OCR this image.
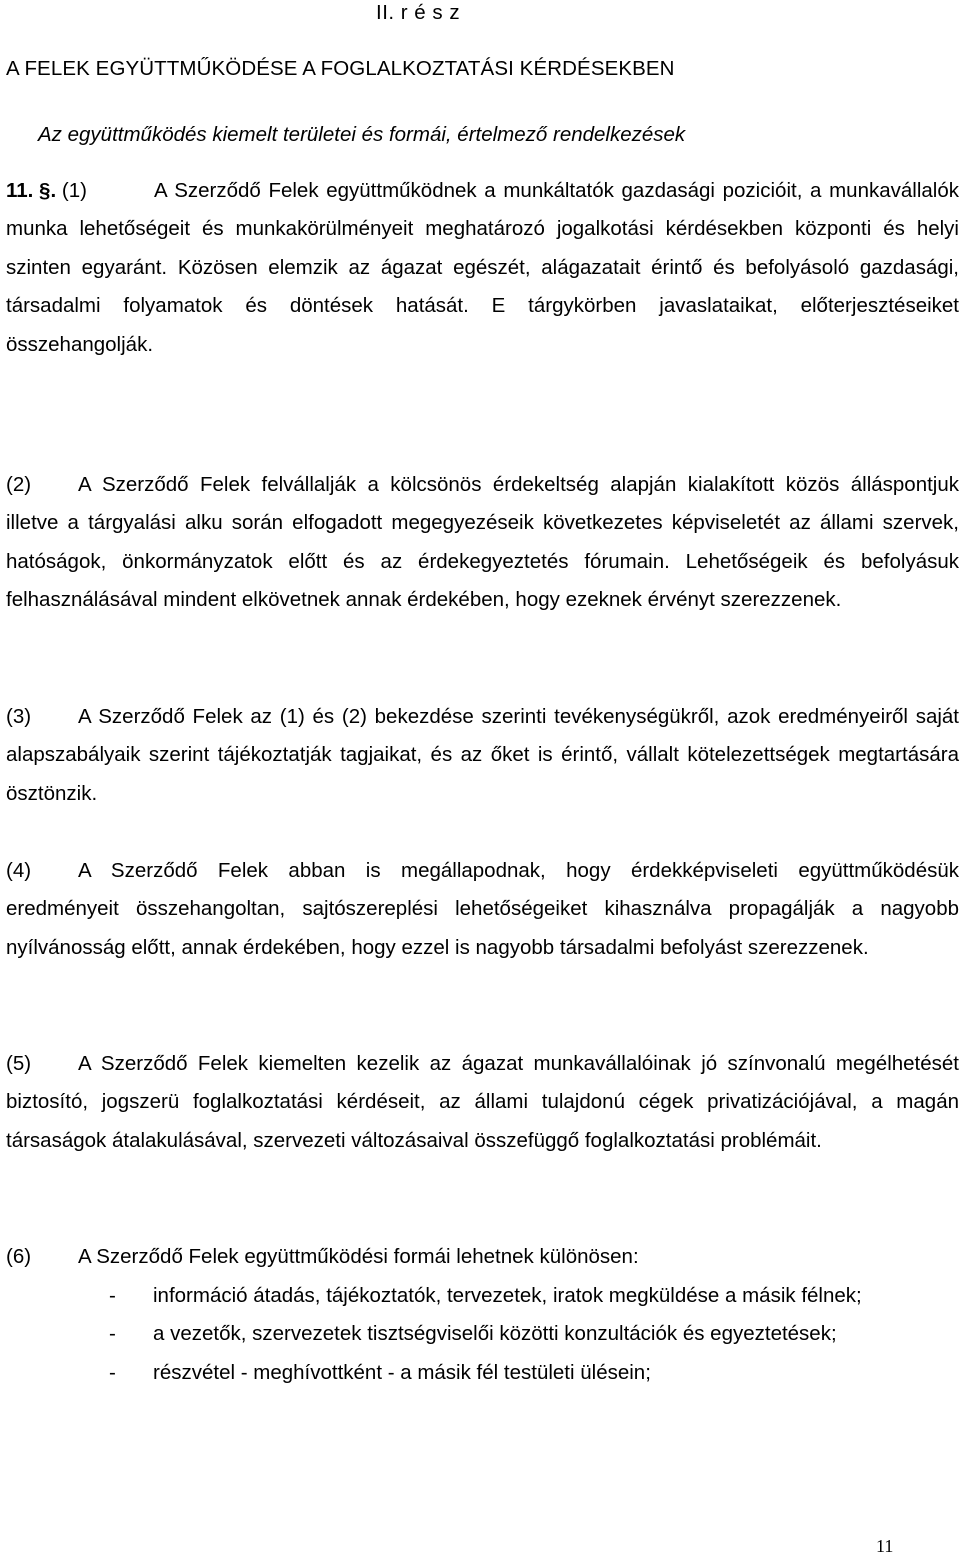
II. r é s z
A FELEK EGYÜTTMŰKÖDÉSE A FOGLALKOZTATÁSI KÉRDÉSEKBEN
Az együttműködés kiemelt területei és formái, értelmező rendelkezések
11. §. (1)	A Szerződő Felek együttműködnek a munkáltatók gazdasági pozicióit, a munkavállalók munka lehetőségeit és munkakörülményeit meghatározó jogalkotási kérdésekben központi és helyi szinten egyaránt. Közösen elemzik az ágazat egészét, alágazatait érintő és befolyásoló gazdasági, társadalmi folyamatok és döntések hatását. E tárgykörben javaslataikat, előterjesztéseiket összehangolják.
(2) A Szerződő Felek felvállalják a kölcsönös érdekeltség alapján kialakított közös álláspontjuk illetve a tárgyalási alku során elfogadott megegyezéseik következetes képviseletét az állami szervek, hatóságok, önkormányzatok előtt és az érdekegyeztetés fórumain. Lehetőségeik és befolyásuk felhasználásával mindent elkövetnek annak érdekében, hogy ezeknek érvényt szerezzenek.
(3) A Szerződő Felek az (1) és (2) bekezdése szerinti tevékenységükről, azok eredményeiről saját alapszabályaik szerint tájékoztatják tagjaikat, és az őket is érintő, vállalt kötelezettségek megtartására ösztönzik.
(4) A Szerződő Felek abban is megállapodnak, hogy érdekképviseleti együttműködésük eredményeit összehangoltan, sajtószereplési lehetőségeiket kihasználva propagálják a nagyobb nyílvánosság előtt, annak érdekében, hogy ezzel is nagyobb társadalmi befolyást szerezzenek.
(5) A Szerződő Felek kiemelten kezelik az ágazat munkavállalóinak jó színvonalú megélhetését biztosító, jogszerü foglalkoztatási kérdéseit, az állami tulajdonú cégek privatizációjával, a magán társaságok átalakulásával, szervezeti változásaival összefüggő foglalkoztatási problémáit.
(6) A Szerződő Felek együttműködési formái lehetnek különösen:
- információ átadás, tájékoztatók, tervezetek, iratok megküldése a másik félnek;
- a vezetők, szervezetek tisztségviselői közötti konzultációk és egyeztetések;
- részvétel - meghívottként - a másik fél testületi ülésein;
11
